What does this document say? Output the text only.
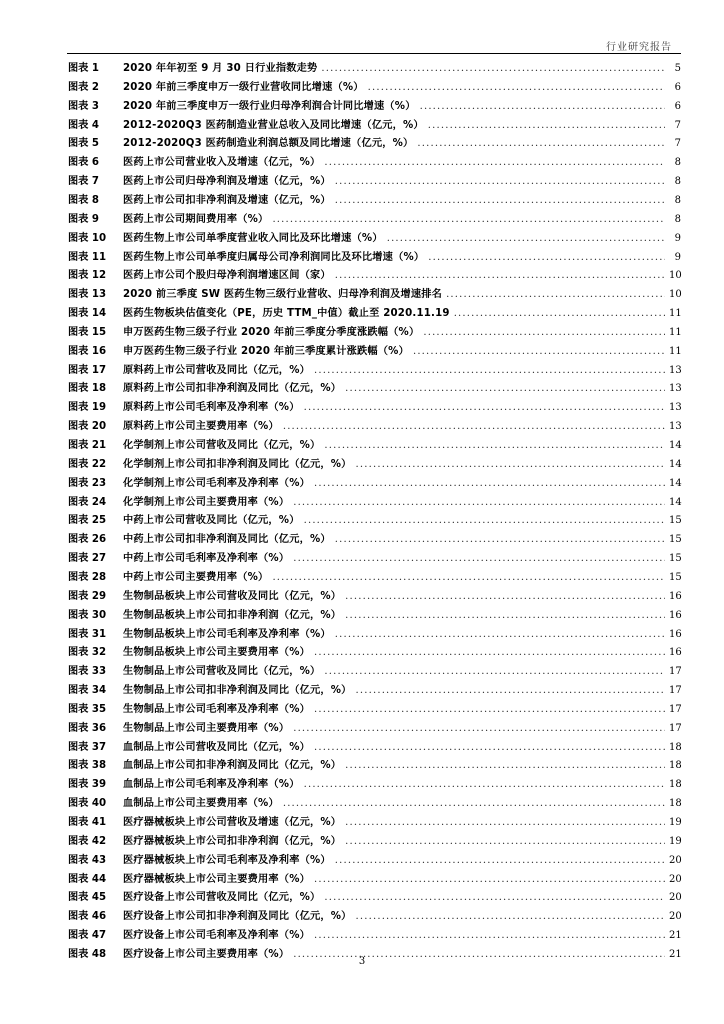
行业研究报告
图表 1	2020 年年初至 9 月 30 日行业指数走势 . . .	5
图表 2	2020 年前三季度申万一级行业营收同比增速（%） . . .	6
图表 3	2020 年前三季度申万一级行业归母净利润合计同比增速（%） . . .	6
图表 4	2012-2020Q3 医药制造业营业总收入及同比增速（亿元，%） . . .	7
图表 5	2012-2020Q3 医药制造业利润总额及同比增速（亿元，%） . . .	7
图表 6	医药上市公司营业收入及增速（亿元，%） . . .	8
图表 7	医药上市公司归母净利润及增速（亿元，%） . . .	8
图表 8	医药上市公司扣非净利润及增速（亿元，%） . . .	8
图表 9	医药上市公司期间费用率（%） . . .	8
图表 10	医药生物上市公司单季度营业收入同比及环比增速（%） . . .	9
图表 11	医药生物上市公司单季度归属母公司净利润同比及环比增速（%） . . .	9
图表 12	医药上市公司个股归母净利润增速区间（家） . . .	10
图表 13	2020 前三季度 SW 医药生物三级行业营收、归母净利润及增速排名 . . .	10
图表 14	医药生物板块估值变化（PE，历史 TTM_中值）截止至 2020.11.19 . . .	11
图表 15	申万医药生物三级子行业 2020 年前三季度分季度涨跌幅（%） . . .	11
图表 16	申万医药生物三级子行业 2020 年前三季度累计涨跌幅（%） . . .	11
图表 17	原料药上市公司营收及同比（亿元，%） . . .	13
图表 18	原料药上市公司扣非净利润及同比（亿元，%） . . .	13
图表 19	原料药上市公司毛利率及净利率（%） . . .	13
图表 20	原料药上市公司主要费用率（%） . . .	13
图表 21	化学制剂上市公司营收及同比（亿元，%） . . .	14
图表 22	化学制剂上市公司扣非净利润及同比（亿元，%） . . .	14
图表 23	化学制剂上市公司毛利率及净利率（%） . . .	14
图表 24	化学制剂上市公司主要费用率（%） . . .	14
图表 25	中药上市公司营收及同比（亿元，%） . . .	15
图表 26	中药上市公司扣非净利润及同比（亿元，%） . . .	15
图表 27	中药上市公司毛利率及净利率（%） . . .	15
图表 28	中药上市公司主要费用率（%） . . .	15
图表 29	生物制品板块上市公司营收及同比（亿元，%） . . .	16
图表 30	生物制品板块上市公司扣非净利润（亿元，%） . . .	16
图表 31	生物制品板块上市公司毛利率及净利率（%） . . .	16
图表 32	生物制品板块上市公司主要费用率（%） . . .	16
图表 33	生物制品上市公司营收及同比（亿元，%） . . .	17
图表 34	生物制品上市公司扣非净利润及同比（亿元，%） . . .	17
图表 35	生物制品上市公司毛利率及净利率（%） . . .	17
图表 36	生物制品上市公司主要费用率（%） . . .	17
图表 37	血制品上市公司营收及同比（亿元，%） . . .	18
图表 38	血制品上市公司扣非净利润及同比（亿元，%） . . .	18
图表 39	血制品上市公司毛利率及净利率（%） . . .	18
图表 40	血制品上市公司主要费用率（%） . . .	18
图表 41	医疗器械板块上市公司营收及增速（亿元，%） . . .	19
图表 42	医疗器械板块上市公司扣非净利润（亿元，%） . . .	19
图表 43	医疗器械板块上市公司毛利率及净利率（%） . . .	20
图表 44	医疗器械板块上市公司主要费用率（%） . . .	20
图表 45	医疗设备上市公司营收及同比（亿元，%） . . .	20
图表 46	医疗设备上市公司扣非净利润及同比（亿元，%） . . .	20
图表 47	医疗设备上市公司毛利率及净利率（%） . . .	21
图表 48	医疗设备上市公司主要费用率（%） . . .	21
3
